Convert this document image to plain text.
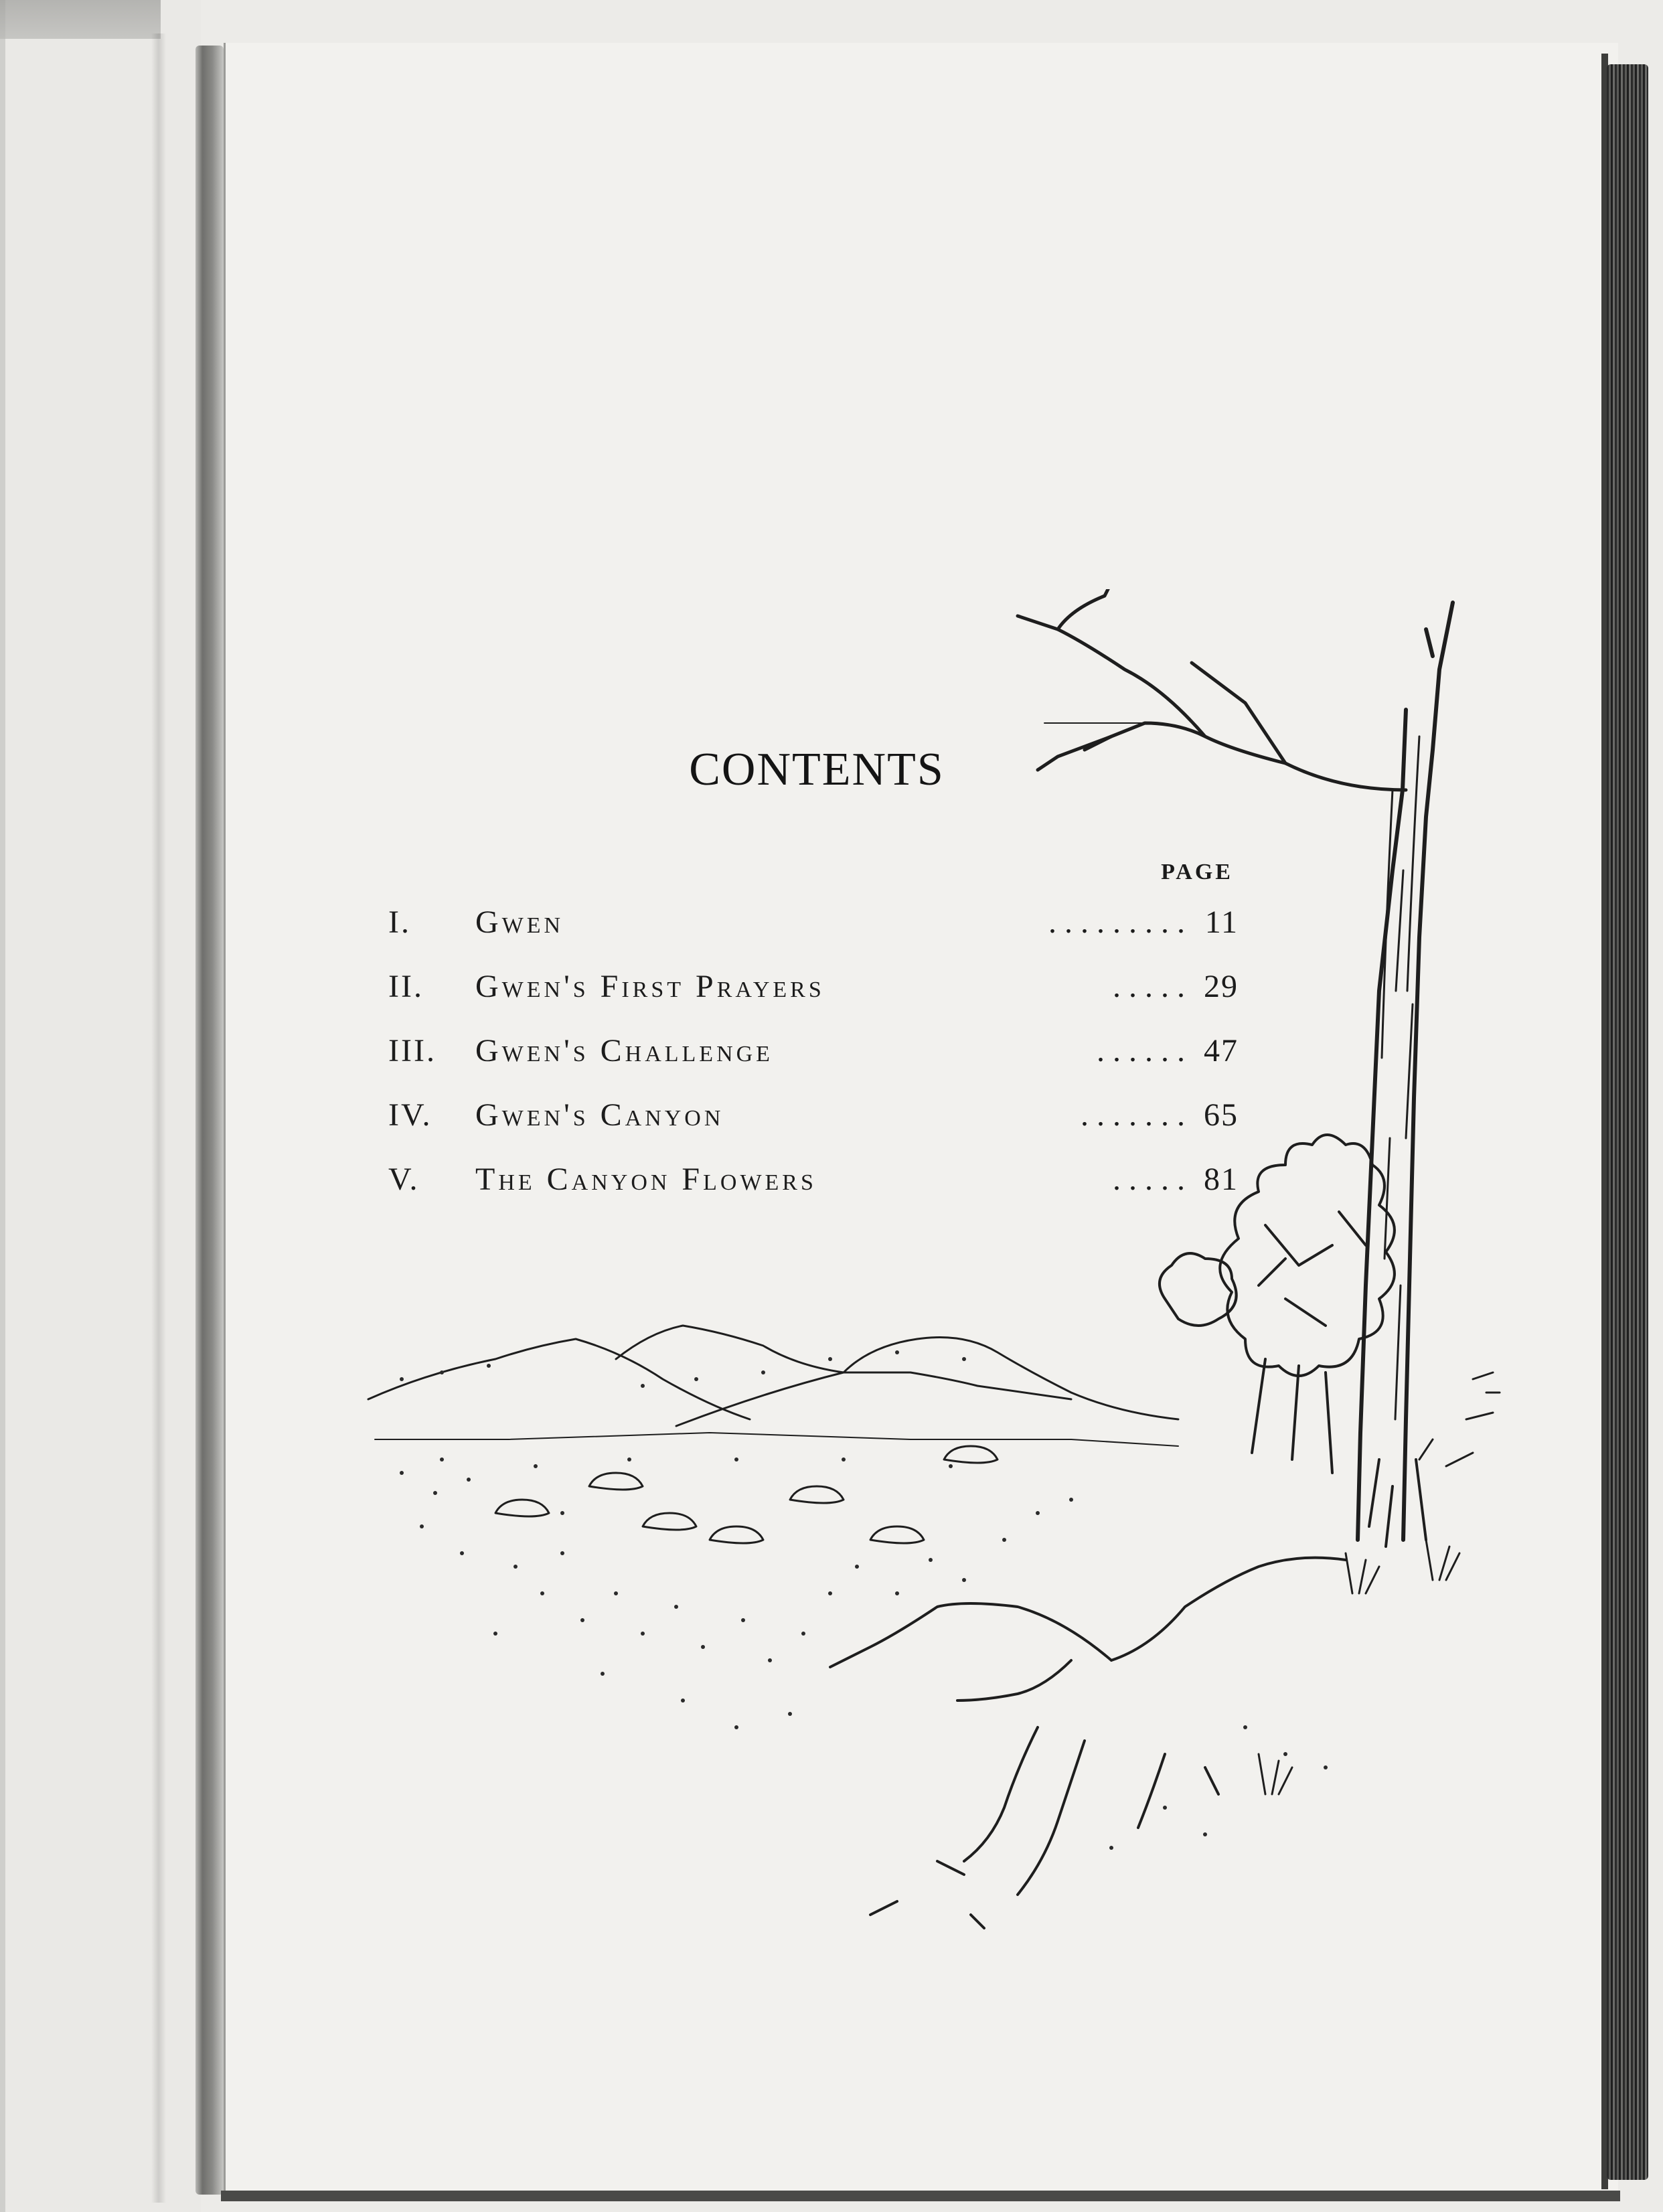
CONTENTS
PAGE
I.	Gwen	. . . . . . . . . 11
II.	Gwen's First Prayers	. . . . . 29
III.	Gwen's Challenge	. . . . . . 47
IV.	Gwen's Canyon	. . . . . . . 65
V.	The Canyon Flowers	. . . . . 81
